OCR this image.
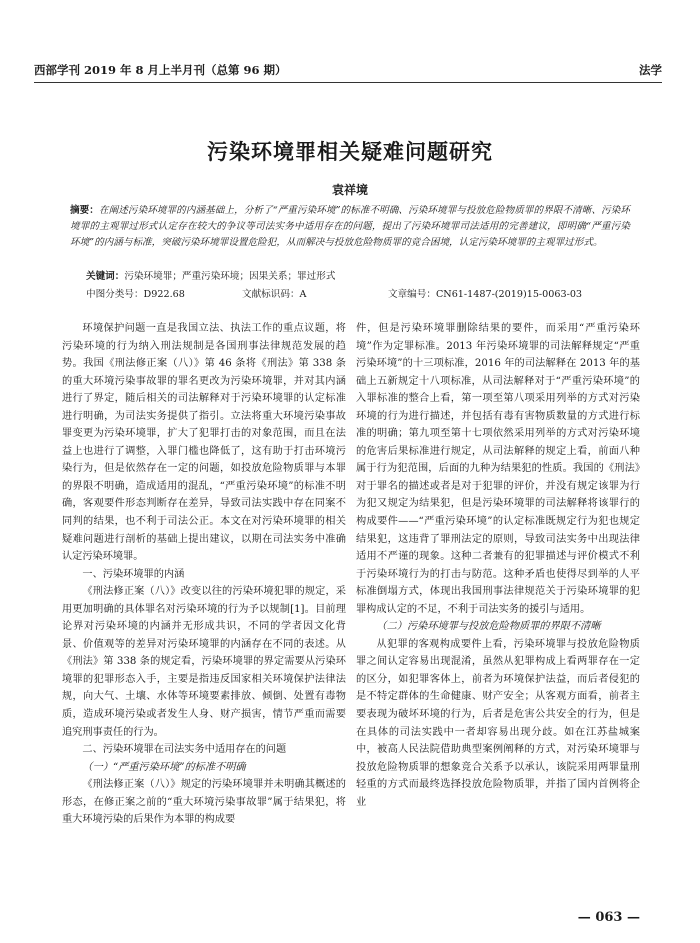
西部学刊 2019 年 8 月上半月刊（总第 96 期）	法学
污染环境罪相关疑难问题研究
袁祥境
摘要：在阐述污染环境罪的内涵基础上，分析了“严重污染环境”的标准不明确、污染环境罪与投放危险物质罪的界限不清晰、污染环境罪的主观罪过形式认定存在较大的争议等司法实务中适用存在的问题，提出了污染环境罪司法适用的完善建议，即明确“严重污染环境”的内涵与标准，突破污染环境罪设置危险犯，从而解决与投放危险物质罪的竞合困境，认定污染环境罪的主观罪过形式。
关键词：污染环境罪；严重污染环境；因果关系；罪过形式
中图分类号：D922.68	文献标识码：A	文章编号：CN61-1487-(2019)15-0063-03

环境保护问题一直是我国立法、执法工作的重点议题，将污染环境的行为纳入刑法规制是各国刑事法律规范发展的趋势。我国《刑法修正案（八）》第 46 条将《刑法》第 338 条的重大环境污染事故罪的罪名更改为污染环境罪，并对其内涵进行了界定，随后相关的司法解释对于污染环境罪的认定标准进行明确，为司法实务提供了指引。立法将重大环境污染事故罪变更为污染环境罪，扩大了犯罪打击的对象范围，而且在法益上也进行了调整，入罪门槛也降低了，这有助于打击环境污染行为，但是依然存在一定的问题，如投放危险物质罪与本罪的界限不明确，造成适用的混乱，“严重污染环境”的标准不明确，客观要件形态判断存在差异，导致司法实践中存在同案不同判的结果，也不利于司法公正。本文在对污染环境罪的相关疑难问题进行剖析的基础上提出建议，以期在司法实务中准确认定污染环境罪。

一、污染环境罪的内涵

《刑法修正案（八）》改变以往的污染环境犯罪的规定，采用更加明确的具体罪名对污染环境的行为予以规制[1]。目前理论界对污染环境的内涵并无形成共识，不同的学者因文化背景、价值观等的差异对污染环境罪的内涵存在不同的表述。从《刑法》第 338 条的规定看，污染环境罪的界定需要从污染环境罪的犯罪形态入手，主要是指违反国家相关环境保护法律法规，向大气、土壤、水体等环境要素排放、倾倒、处置有毒物质，造成环境污染或者发生人身、财产损害，情节严重而需要追究刑事责任的行为。

二、污染环境罪在司法实务中适用存在的问题
（一）“严重污染环境”的标准不明确

《刑法修正案（八）》规定的污染环境罪并未明确其概述的形态，在修正案之前的“重大环境污染事故罪”属于结果犯，将重大环境污染的后果作为本罪的构成要

件，但是污染环境罪删除结果的要件，而采用“严重污染环境”作为定罪标准。2013 年污染环境罪的司法解释规定“严重污染环境”的十三项标准，2016 年的司法解释在 2013 年的基础上五新规定十八项标准，从司法解释对于“严重污染环境”的入罪标准的整合上看，第一项至第八项采用列举的方式对污染环境的行为进行描述，并包括有毒有害物质数量的方式进行标准的明确；第九项至第十七项依然采用列举的方式对污染环境的危害后果标准进行规定，从司法解释的规定上看，前面八种属于行为犯范围，后面的九种为结果犯的性质。我国的《刑法》对于罪名的描述或者是对于犯罪的评价，并没有规定该罪为行为犯又规定为结果犯，但是污染环境罪的司法解释将该罪行的构成要件——“严重污染环境”的认定标准既规定行为犯也规定结果犯，这违背了罪刑法定的原则，导致司法实务中出现法律适用不严谨的现象。这种二者兼有的犯罪描述与评价模式不利于污染环境行为的打击与防范。这种矛盾也使得尽到举的人平标准倒塌方式，体现出我国刑事法律规范关于污染环境罪的犯罪构成认定的不足，不利于司法实务的援引与适用。

（二）污染环境罪与投放危险物质罪的界限不清晰

从犯罪的客观构成要件上看，污染环境罪与投放危险物质罪之间认定容易出现混淆，虽然从犯罪构成上看两罪存在一定的区分，如犯罪客体上，前者为环境保护法益，而后者侵犯的是不特定群体的生命健康、财产安全；从客观方面看，前者主要表现为破坏环境的行为，后者是危害公共安全的行为，但是在具体的司法实践中一者却容易出现分歧。如在江苏盐城案中，被高人民法院借助典型案例阐释的方式，对污染环境罪与投放危险物质罪的想象竞合关系予以承认，该院采用两罪量刑轻重的方式而最终选择投放危险物质罪，并指了国内首例将企业

— 063 —
